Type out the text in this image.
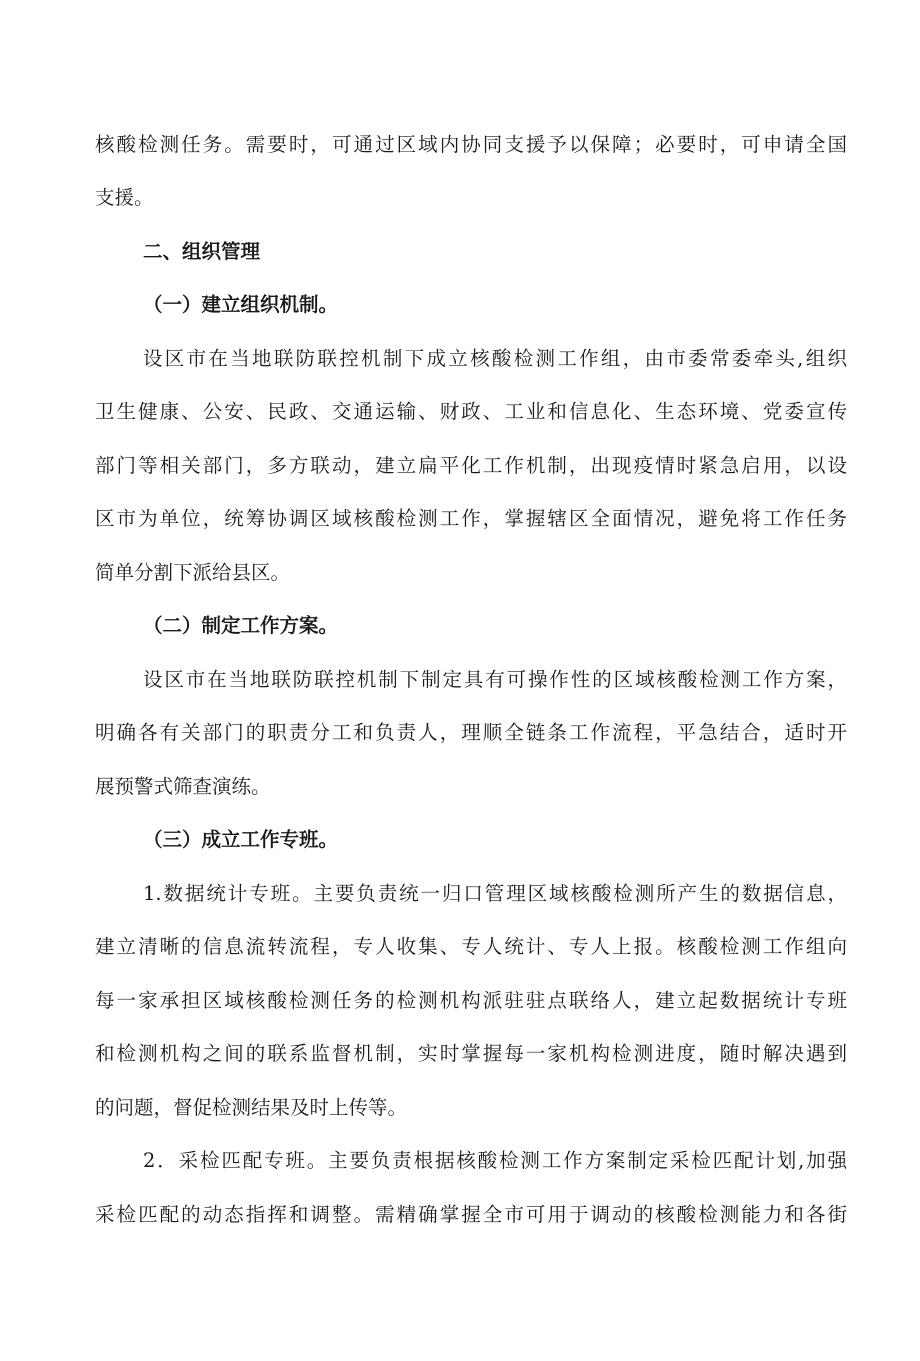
核酸检测任务。需要时，可通过区域内协同支援予以保障；必要时，可申请全国
支援。
二、组织管理
（一）建立组织机制。
设区市在当地联防联控机制下成立核酸检测工作组，由市委常委牵头,组织
卫生健康、公安、民政、交通运输、财政、工业和信息化、生态环境、党委宣传
部门等相关部门，多方联动，建立扁平化工作机制，出现疫情时紧急启用，以设
区市为单位，统筹协调区域核酸检测工作，掌握辖区全面情况，避免将工作任务
简单分割下派给县区。
（二）制定工作方案。
设区市在当地联防联控机制下制定具有可操作性的区域核酸检测工作方案，
明确各有关部门的职责分工和负责人，理顺全链条工作流程，平急结合，适时开
展预警式筛查演练。
（三）成立工作专班。
1.数据统计专班。主要负责统一归口管理区域核酸检测所产生的数据信息，
建立清晰的信息流转流程，专人收集、专人统计、专人上报。核酸检测工作组向
每一家承担区域核酸检测任务的检测机构派驻驻点联络人，建立起数据统计专班
和检测机构之间的联系监督机制，实时掌握每一家机构检测进度，随时解决遇到
的问题，督促检测结果及时上传等。
2．采检匹配专班。主要负责根据核酸检测工作方案制定采检匹配计划,加强
采检匹配的动态指挥和调整。需精确掌握全市可用于调动的核酸检测能力和各街
